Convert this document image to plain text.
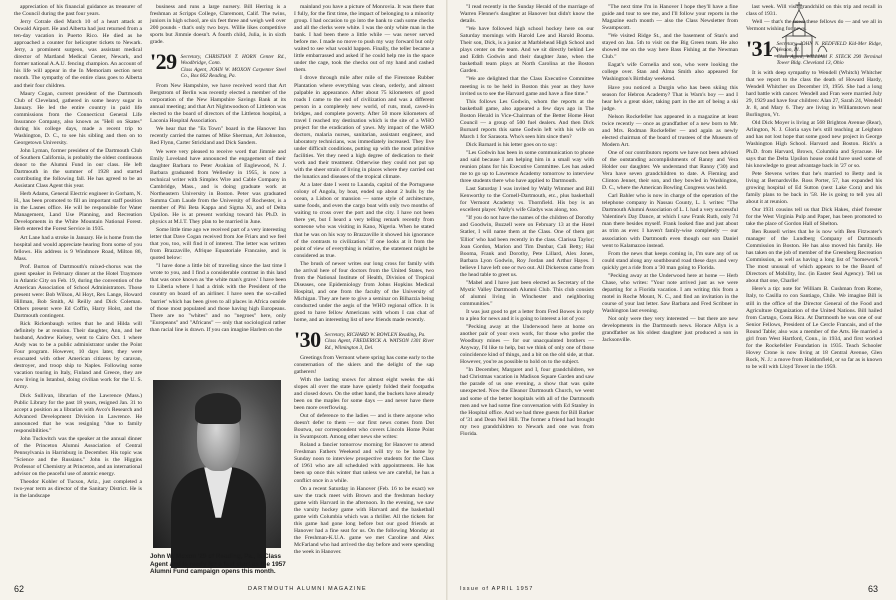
appreciation of his financial guidance as treasurer of the Council during the past four years.

Jerry Cotrale died March 10 of a heart attack at Oswald Airport. He and Alberta had just returned from a ten-day vacation in Puerto Rico. He died as he approached a counter for helicopter tickets to Newark. Jerry, a prominent surgeon, was assistant medical director of Martland Medical Center, Newark, and former national A.A.U. fencing champion. An account of his life will appear in the In Memoriam section next month. The sympathy of the entire class goes to Alberta and their four children.

Maury Cogan, current president of the Dartmouth Club of Cleveland, gathered in some heavy sugar in January. He led the entire country in paid life commissions from the Connecticut General Life Insurance Company, also known as "Hell on Skates" during his college days, made a recent trip to Washington, D. C., to see his sibling and then on to Georgetown University.

John Lyman, former president of the Dartmouth Club of Southern California, is probably the oldest continuous donor to the Alumni Fund in our class. He left Dartmouth in the summer of 1928 and started contributing the following fall. He has agreed to be an Assistant Class Agent this year.

Herb Adams, General Electric engineer in Gorham, N. H., has been promoted to fill an important staff position in the Lasnes office. He will be responsible for Water Management, Land Use Planning, and Recreation Developments in the White Mountain National Forest. Herb entered the Forest Service in 1935.

Art Lane had a stroke in January. He is home from the hospital and would appreciate hearing from some of you fellows. His address is 9 Windmore Road, Milton 86, Mass.

Prof. Burton of Dartmouth's mixed-chorus was the guest speaker in February dinner at the Hotel Traymore in Atlantic City on Feb. 19, during the convention of the American Association of School Administrators. Those present were: Bob Wilson, Al Hoyt, Rex Lange, Howard Hillman, Bob Smith, Al Reilly and Dick Coleman. Others present were Ed Coffin, Harry Holst, and the Dartmouth contingent.

Rick Rickenbaugh writes that he and Hilda will definitely be at reunion. Their daughter, Ann, and her husband, Andrew Kelsey, went to Cairo Oct. 1 where Andy was to be a public administrator under the Point Four program. However, 10 days later, they were evacuated with other American citizens by caravan, destroyer, and troop ship to Naples. Following some vacation touring in Italy, Finland and Greece, they are now living in Istanbul, doing civilian work for the U. S. Army.

Dick Sullivan, librarian of the Lawrence (Mass.) Public Library for the past 18 years, resigned Jan. 31 to accept a position as a librarian with Avco's Research and Advanced Development Division in Lawrence. He announced that he was resigning "due to family responsibilities."

John Tuckwitch was the speaker at the annual dinner of the Princeton Alumni Association of Central Pennsylvania in Harrisburg in December. His topic was "Science and the Russians." John is the Higgins Professor of Chemistry at Princeton, and an international advisor on the peaceful use of atomic energy.

Theodor Kohler of Tucson, Ariz., just completed a two-year term as director of the Sanitary District. He is in the landscape

business and runs a large nursery. Bill Herring is a freshman at Scripps College, Claremont, Calif. The twins, juniors in high school, are six feet three and weigh well over 200 pounds - that's only two boys. Willie likes competitive sports but Jimmie doesn't. A fourth child, Julia, is in sixth grade.

'29 Secretary, CHRISTIAN T. HORN Center Rd., Woodbridge, Conn.
Class Agent, JOHN W. MOXON Carpenter Steel Co., Box 662 Reading, Pa.

From New Hampshire, we have received word that Art Bergstrom of Berlin was recently elected a member of the corporation of the New Hampshire Savings Bank at its annual meeting; and that Art Nightwoodson of Littleton was elected to the board of directors of the Littleton hospital, a Laconia Hospital Association.

We hear that the "Es Town" board in the Hanover Inn recently carried the names of Mike Sherman, Art Johnston, Red Flynn, Carter Strickland and Dick Sanders.

We were very pleased to receive word that Jimmie and Emily Loveland have announced the engagement of their daughter Barbara to Peter Avakian of Englewood, N. J. Barbara graduated from Wellesley in 1955, is now a technical writer with Simplex Wire and Cable Company in Cambridge, Mass., and is doing graduate work at Northeastern University in Boston. Peter was graduated Summa Cum Laude from the University of Rochester, is a member of Phi Beta Kappa and Sigma Xi, and of Delta Upsilon. He is at present working toward his Ph.D. in physics at M.I.T. They plan to be married in June.

Some little time ago we received part of a very interesting letter that Dave Cogan received from Joe Friars and we feel that you, too, will find it of interest. The letter was written from Brazzaville, Afrique Equatoriale Francaise, and is quoted below:

"I have done a little bit of traveling since the last time I wrote to you, and I find a considerable contrast in this land that was once known as 'the white man's grave.' I have been to Liberia where I had a drink with the President of the country on board of an airliner. I have seen the so-called 'barrier' which has been given to all places in Africa outside of those most populated and those having high Europeans. There are no "whites" and no "negroes" here, only "Europeans" and "Africans" — only that sociological rather than racial line is drawn. If you can imagine Harlem on the

John W. Moxon '29 of Reading, Pa., is Class Agent and is ready for a fast start as the 1957 Alumni Fund campaign opens this month.

mainland you have a picture of Monrovia. It was there that I fully, for the first time, the impact of belonging to a minority group. I had occasion to go into the bank to cash some checks and all the clerks were white. I was the only white man in the bank. I had been there a little while — was never served before me. I made no move to push my way forward but only waited to see what would happen. Finally, the teller became a little embarrassed and asked if he could help me in the space under the cage, took the checks out of my hand and cashed them.

I drove through mile after mile of the Firestone Rubber Plantation where everything was clean, orderly, and almost palpable in appearance. After about 75 kilometers of good roads I came to the end of civilization and was a different person in a completely new world, of ruts, mud, caved-in bridges, and complete poverty. After 50 more kilometers of travel I reached my destination which is the site of a WHO project for the eradication of yaws. My impact of the WHO doctors, malaria nurses, sanitarian, assistant engineer, and laboratory technicians, was immediately increased. They live under difficult conditions, putting up with the most primitive facilities. Yet they need a high degree of dedication to their work and their treatment. Otherwise they could not put up with the sheer strain of living in places where they carried out the lunatics and diseases of the tropical climate.

At a later date I went to Luanda, capital of the Portuguese colony of Angola, by boat, ended up about 2 hulls by the ocean, a Lisbon or mansion — some style of architecture, same foods, and even the cargo boat with only two months of waiting to cross over the port and the city. I have not been there yet, but I heard a very telling remark recently from someone who was visiting in Kano, Nigeria. When he stated that he was on his way to Brazzaville it showed his ignorance of the contrasts to civilization.' If one looks at it from the point of view of everything is relative, the statement might be considered as true.

The brush of newer writes our long cross for family with the arrival here of four doctors from the United States, two from the National Institute of Health, Division of Tropical Diseases, one Epidemiology from Johns Hopkins Medical Hospital, and one from the faculty of the University of Michigan. They are here to give a seminar on Bilharzia being conducted under the aegis of the WHO regional office. It is good to have fellow Americans with whom I can chat of home, and an interesting list of new friends made recently.

'30 Secretary, RICHARD W. BOWLEN Reading, Pa.
Class Agent, FREDERICK A. WATSON 1301 River Rd., Wilmington 3, Del.

Greetings from Vermont where spring has come early to the consternation of the skiers and the delight of the sap gatherers!

With the lasting snows for almost eight weeks the ski slopes all over the state have quietly folded their footpaths and closed down. On the other hand, the buckets have already been on the maples for some days — and never have there been more overflowing.

Out of deference to the ladies — and is there anyone who doesn't defer to them — our first news comes from Dot Boutwa, our correspondent who covers Lincoln Home Point in Swampscott. Among other news she writes:

Roland a fancier tomorrow morning for Hanover to attend Freshman Fathers Weekend and will try to be home by Sunday noon to interview prospective students for the Class of 1961 who are all scheduled with appointments. He has been up once this winter that unless we are careful, he has a conflict once in a while.

On a recent Saturday in Hanover (Feb. 16 to be exact) we saw the track meet with Brown and the freshman hockey game with Harvard in the afternoon. In the evening, we saw the varsity hockey game with Harvard and the basketball game with Columbia which was a thriller. All the tickets for this game had gone long before but our good friends at Hanover had a fine seat for us. On the following Monday at the Freshman-K.U.A. game we met Caroline and Alex McFarland who had arrived the day before and were spending the week in Hanover.

62	DARTMOUTH ALUMNI MAGAZINE

"I read recently in the Sunday Herald of the marriage of Warren Flenner's daughter at Hanover but didn't know the details.

"We have followed high school hockey here on our Saturday mornings with Harold Lee and Harold Booma. Their son, Dick, is a junior at Marblehead High School and plays center on the team. And we sit directly behind Lee and Edith Godwin and their daughter Jane, when the basketball team plays at North Carolina at the Boston Garden.

"We are delighted that the Class Executive Committee meeting is to be held in Boston this year as they have invited us to see the Harvard game and have a fine time."

This follows Les Godwin, whom the reports at the basketball game, also appeared a few days ago in The Boston Herald in Vice-Chairman of the Better Home Heat Council — a group of 500 fuel dealers. And then Dick Burnard reports this same Godwin left with his wife on March 1 for Sarasota. Who's seen him since then?

Dick Barnard is his letter goes on to say:

"Les Godwin has been in some communication to phone and said because I am helping him in a small way with reunion plans for his Executive Committee. Les has asked me to go up to Lawrence Academy tomorrow to interview three students there who have applied to Dartmouth.

Last Saturday I was invited by Wally Wimmer and Bill Kenworthy to the Cornell-Dartmouth, etc., plus basketball for Vermont Academy vs. Thornfield. His boy is an excellent player. Wally's wife Gladys was along, too.

"If you do not have the names of the children of Dorothy and Goodwin, Buzzell were on February 13 at the Hotel Statler, I will name them at the Class. One of them got 'Elliot' who had been recently in the class. Clarissa Taylor; Joan Gordon, Marion and Tim Dunbar, Cali Betty; Hal Booma, Frank and Dorothy, Pete Lillard, Alex Jones, Barbara Lyon Godwin, Roy Jordan and Arthur Hayes. I believe I have left one or two out. All Dickerson came from the head table to greet us.

"Mabel and I have just been elected as Secretary of the Mystic Valley Dartmouth Alumni Club. This club consists of alumni living in Winchester and neighboring communities."

It was just good to get a letter from Fred Bowes in reply to a plea for news and it is going to interest a lot of you:

"Pecking away at the Underwood here at home on another pair of your own work, for those who prefer the Woodbury mines — for our unacquainted brothers — Anyway, I'd like to help, but we think of only one of those coincidence kind of things, and a bit on the old side, at that. However, you're as possible to hold on to the subject.

"In December, Margaret and I, four grandchildren, we had Christmas vacation in Madison Square Garden and saw the parade of us one evening, a show that was quite unexpected. Now the Eleanor Dartmouth Church, we went and some of the better hospitals with all of the Dartmouth men and we had some fine conversation with Ed Stanley in the Hospital office. And we had three guests for Bill Barker of '31 and Dean Neil Hill. The former a friend had brought my two grandchildren to Newark and one was from Florida.

"The next time I'm in Hanover I hope they'll have a fine guide and tour to see me, and I'll follow your reports in the Magazine each month — also the Class Newsletter from Swampscott.

"We visited Ridge St., and the basement of Stan's and stayed on Jan. 5th to visit on the Big Green team. He also showed me on the way here Bass Fishing at the Newman Club."

Eagat's wife Cornelia and son, who were looking the college over. Stan and Alma Smith also appeared for Washington's Birthday weekend.

Have you noticed a Durgin who has been skiing this season for Hebron Academy? That is Warn's boy — and I hear he's a great skier, taking part in the art of being a ski judge.

Nelson Rockefeller has appeared in a magazine at least twice recently — once as grandfather of a new born to Mr. and Mrs. Rodman Rockefeller — and again as newly elected chairman of the board of trustees of the Museum of Modern Art.

One of our contributors reports we have not been advised of the outstanding accomplishments of Ranny and Vera Holder our daughter. We understand that Ranny ('30) and Vera have seven grandchildren to date. A Fleming and Clinton Jennet, their son, and they bowled in Washington, D. C., where the American Bowling Congress was held.

Carl Bahler who is now in charge of the operation of the telephone company in Nassau County, L. I. writes: "The Dartmouth Alumni Association of L. I. had a very successful Valentine's Day Dance, at which I saw Frank Ruth, only 74 man there besides myself. Frank looked fine and just about as trim as ever. I haven't family-wise completely — our association with Dartmouth even though our son Daniel went to Kalamazoo instead.

From the news that keeps coming in, I'm sure any of us could stand along any southbound road these days and very quickly get a ride from a '30 man going to Florida.

"Pecking away at the Underwood here at home — Herb Chase, who writes: "Your note arrived just as we were departing for a Florida vacation. I am writing this from a motel in Roche Mount, N. C., and find an invitation in the course of your last letter. Saw Barbara and Fred Scribner in Washington last evening.

Not only were they very interested — but there are new developments in the Dartmouth news. Horace Allyn is a grandfather as his oldest daughter just produced a son in Jacksonville.

last week. Will visit grandchild on this trip and recall in class of 1931.

Well — that's the news these fellows do — and we all in Vermont wishing for news.

'31 Secretary, JOHN N. REDFIELD Kid-Mer Ridge, Weston, Ill.
Class Agent, WILLIAM F. STECK 290 Terminal Tower Bldg. Cleveland 13, Ohio

It is with deep sympathy to Wendell (Whitch) Whitcher that we report to the class the death of Howard Hardy, Wendell Whitcher on December 19, 1956. She had a long hard battle with cancer. Wendell and Fran were married July 29, 1929 and have four children: Alan 27, Sarah 24, Wendell Jr. 8, and Mary 6. They are living in Williamstown near Burlington, Vt.

Old Dick Moyer is living at 568 Brighton Avenue (Rear), Arlington, N. J. Gloria says he's still teaching at Leighton and has not lost hope that some good new project in George Washington High School. Harvard and Boston. Rich's a Ph.D. from Harvard, Brown, Columbia and Syracuse. He says that the Delta Upsilon house could have used some of his knowledge to great advantage back in '27 or so.

Pete Stevens writes that he's married to Betty and is living at Bernardsville. Ross Porter, 57, has expanded his growing hospital of Ed Sutton (next Lake Cora) and his family plans to be back in '58. He is going to tell you all about it at reunion.

Our 1931 cousins tell us that Dick Hakes, chief forester for the West Virginia Pulp and Paper, has been promoted to take the place of Gordon Hall of Shelton.

Ben Russell writes that he is now with Ben Fitzwater's manager of the Lundberg Company of Dartmouth Commission in Boston. He has also moved his family. He has taken on the job of member of the Greenberg Recreation Commission, as well as having a long list of "homework." The most unusual of which appears to be the Board of Directors of Mobility, Inc. (in Easter Seal Agency). Tell us about that one, Charlie!

Here's a tip: note for William B. Cushman from Rome, Italy, to Casilla ro con Santiago, Chile. We imagine Bill is still in the office of the Director General of the Food and Agriculture Organization of the United Nations. Bill hailed from Cartago, Costa Rica. At Dartmouth he was one of our Senior Fellows, President of Le Cercle Francais, and of the Round Table; also was a member of the Arts. He married a girl from West Hartford, Conn., in 1934, and first worked for the Rockefeller Foundation in 1935. Teach Schooler Hovey Crone is now living at 18 Central Avenue, Glen Rock, N. J.: a move from Haddonfield, or so far as is known to be will with Lloyd Tower in the 1959.

Issue of APRIL 1957	63
